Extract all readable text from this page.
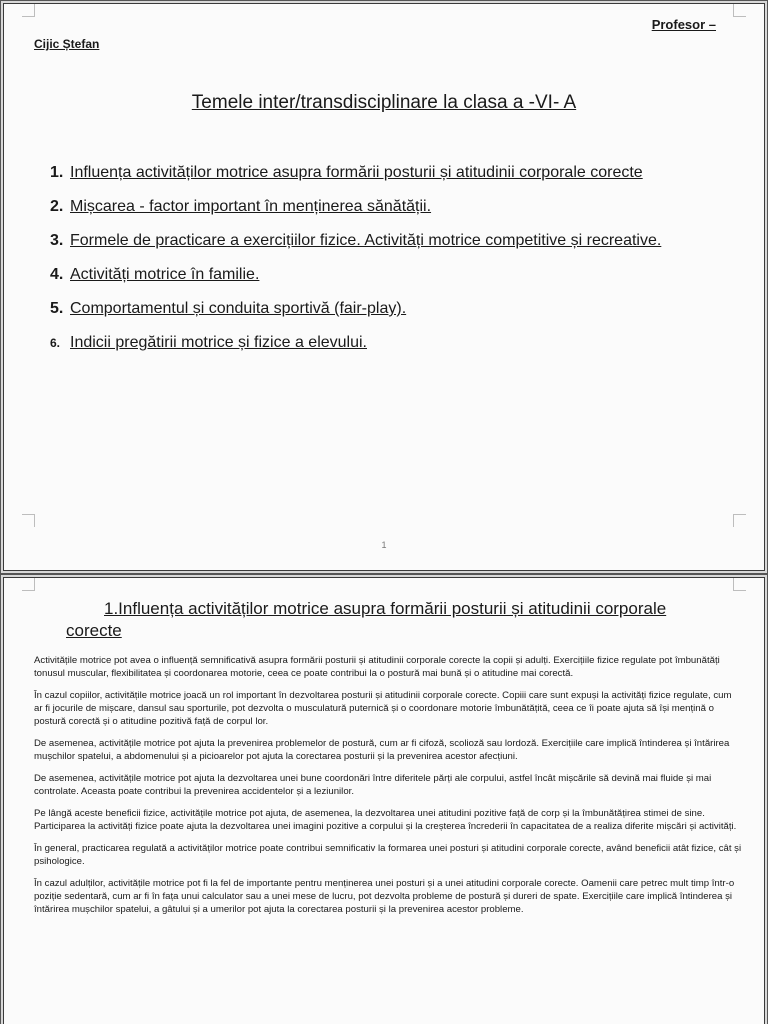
Profesor –
Cijic Ștefan
Temele inter/transdisciplinare la clasa a -VI- A
1. Influența activităților motrice asupra formării posturii și atitudinii corporale corecte
2. Mișcarea - factor important în menținerea sănătății.
3. Formele de practicare a exercițiilor fizice. Activități motrice competitive și recreative.
4. Activități motrice în familie.
5. Comportamentul și conduita sportivă (fair-play).
6. Indicii pregătirii motrice și fizice a elevului.
1
1.Influența activităților motrice asupra formării posturii și atitudinii corporale corecte

Activitățile motrice pot avea o influență semnificativă asupra formării posturii și atitudinii corporale corecte la copii și adulți. Exercițiile fizice regulate pot îmbunătăți tonusul muscular, flexibilitatea și coordonarea motorie, ceea ce poate contribui la o postură mai bună și o atitudine mai corectă.

În cazul copiilor, activitățile motrice joacă un rol important în dezvoltarea posturii și atitudinii corporale corecte. Copiii care sunt expuși la activități fizice regulate, cum ar fi jocurile de mișcare, dansul sau sporturile, pot dezvolta o musculatură puternică și o coordonare motorie îmbunătățită, ceea ce îi poate ajuta să își mențină o postură corectă și o atitudine pozitivă față de corpul lor.

De asemenea, activitățile motrice pot ajuta la prevenirea problemelor de postură, cum ar fi cifoză, scolioză sau lordoză. Exercițiile care implică întinderea și întărirea mușchilor spatelui, a abdomenului și a picioarelor pot ajuta la corectarea posturii și la prevenirea acestor afecțiuni.

De asemenea, activitățile motrice pot ajuta la dezvoltarea unei bune coordonări între diferitele părți ale corpului, astfel încât mișcările să devină mai fluide și mai controlate. Aceasta poate contribui la prevenirea accidentelor și a leziunilor.

Pe lângă aceste beneficii fizice, activitățile motrice pot ajuta, de asemenea, la dezvoltarea unei atitudini pozitive față de corp și la îmbunătățirea stimei de sine. Participarea la activități fizice poate ajuta la dezvoltarea unei imagini pozitive a corpului și la creșterea încrederii în capacitatea de a realiza diferite mișcări și activități.

În general, practicarea regulată a activităților motrice poate contribui semnificativ la formarea unei posturi și atitudini corporale corecte, având beneficii atât fizice, cât și psihologice.

În cazul adulților, activitățile motrice pot fi la fel de importante pentru menținerea unei posturi și a unei atitudini corporale corecte. Oamenii care petrec mult timp într-o poziție sedentară, cum ar fi în fața unui calculator sau a unei mese de lucru, pot dezvolta probleme de postură și dureri de spate. Exercițiile care implică întinderea și întărirea mușchilor spatelui, a gâtului și a umerilor pot ajuta la corectarea posturii și la prevenirea acestor probleme.
